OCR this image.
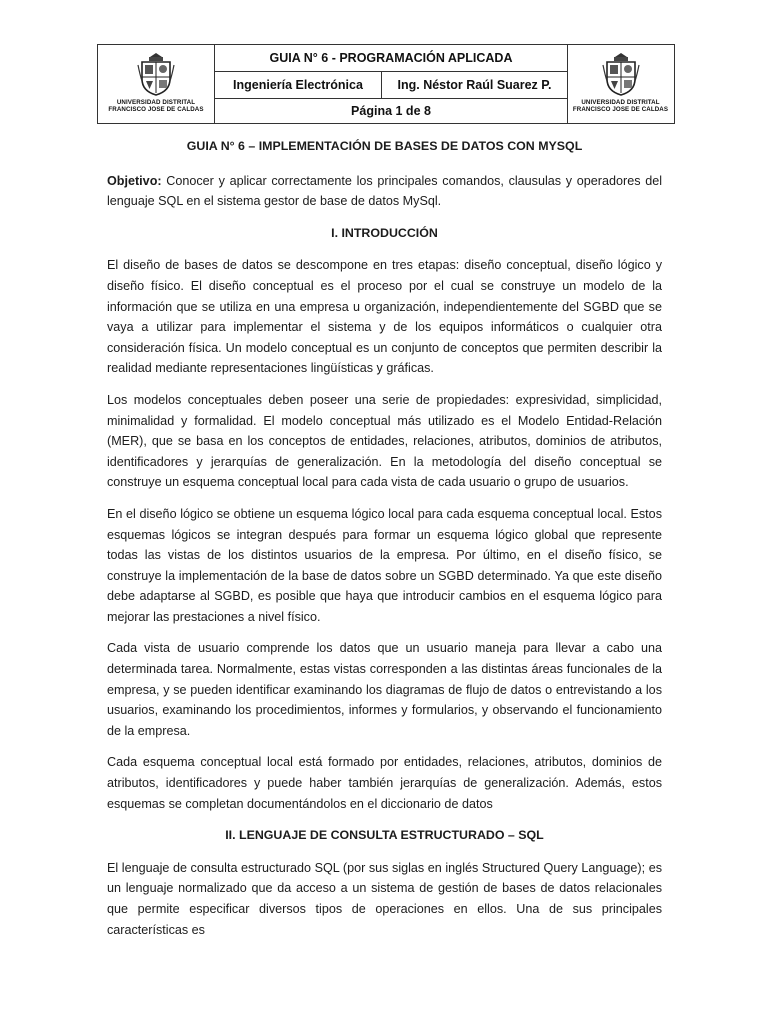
UNIVERSIDAD DISTRITAL
FRANCISCO JOSE DE CALDAS
GUIA N° 6 - PROGRAMACIÓN APLICADA
Ingeniería Electrónica	Ing. Néstor Raúl Suarez P.
Página 1 de 8
UNIVERSIDAD DISTRITAL
FRANCISCO JOSE DE CALDAS
GUIA N° 6 – IMPLEMENTACIÓN DE BASES DE DATOS CON MYSQL

Objetivo: Conocer y aplicar correctamente los principales comandos, clausulas y operadores del lenguaje SQL en el sistema gestor de base de datos MySql.

I. INTRODUCCIÓN

El diseño de bases de datos se descompone en tres etapas: diseño conceptual, diseño lógico y diseño físico. El diseño conceptual es el proceso por el cual se construye un modelo de la información que se utiliza en una empresa u organización, independientemente del SGBD que se vaya a utilizar para implementar el sistema y de los equipos informáticos o cualquier otra consideración física. Un modelo conceptual es un conjunto de conceptos que permiten describir la realidad mediante representaciones lingüísticas y gráficas.

Los modelos conceptuales deben poseer una serie de propiedades: expresividad, simplicidad, minimalidad y formalidad. El modelo conceptual más utilizado es el Modelo Entidad-Relación (MER), que se basa en los conceptos de entidades, relaciones, atributos, dominios de atributos, identificadores y jerarquías de generalización. En la metodología del diseño conceptual se construye un esquema conceptual local para cada vista de cada usuario o grupo de usuarios.

En el diseño lógico se obtiene un esquema lógico local para cada esquema conceptual local. Estos esquemas lógicos se integran después para formar un esquema lógico global que represente todas las vistas de los distintos usuarios de la empresa. Por último, en el diseño físico, se construye la implementación de la base de datos sobre un SGBD determinado. Ya que este diseño debe adaptarse al SGBD, es posible que haya que introducir cambios en el esquema lógico para mejorar las prestaciones a nivel físico.

Cada vista de usuario comprende los datos que un usuario maneja para llevar a cabo una determinada tarea. Normalmente, estas vistas corresponden a las distintas áreas funcionales de la empresa, y se pueden identificar examinando los diagramas de flujo de datos o entrevistando a los usuarios, examinando los procedimientos, informes y formularios, y observando el funcionamiento de la empresa.

Cada esquema conceptual local está formado por entidades, relaciones, atributos, dominios de atributos, identificadores y puede haber también jerarquías de generalización. Además, estos esquemas se completan documentándolos en el diccionario de datos

II. LENGUAJE DE CONSULTA ESTRUCTURADO – SQL

El lenguaje de consulta estructurado SQL (por sus siglas en inglés Structured Query Language); es un lenguaje normalizado que da acceso a un sistema de gestión de bases de datos relacionales que permite especificar diversos tipos de operaciones en ellos. Una de sus principales características es
